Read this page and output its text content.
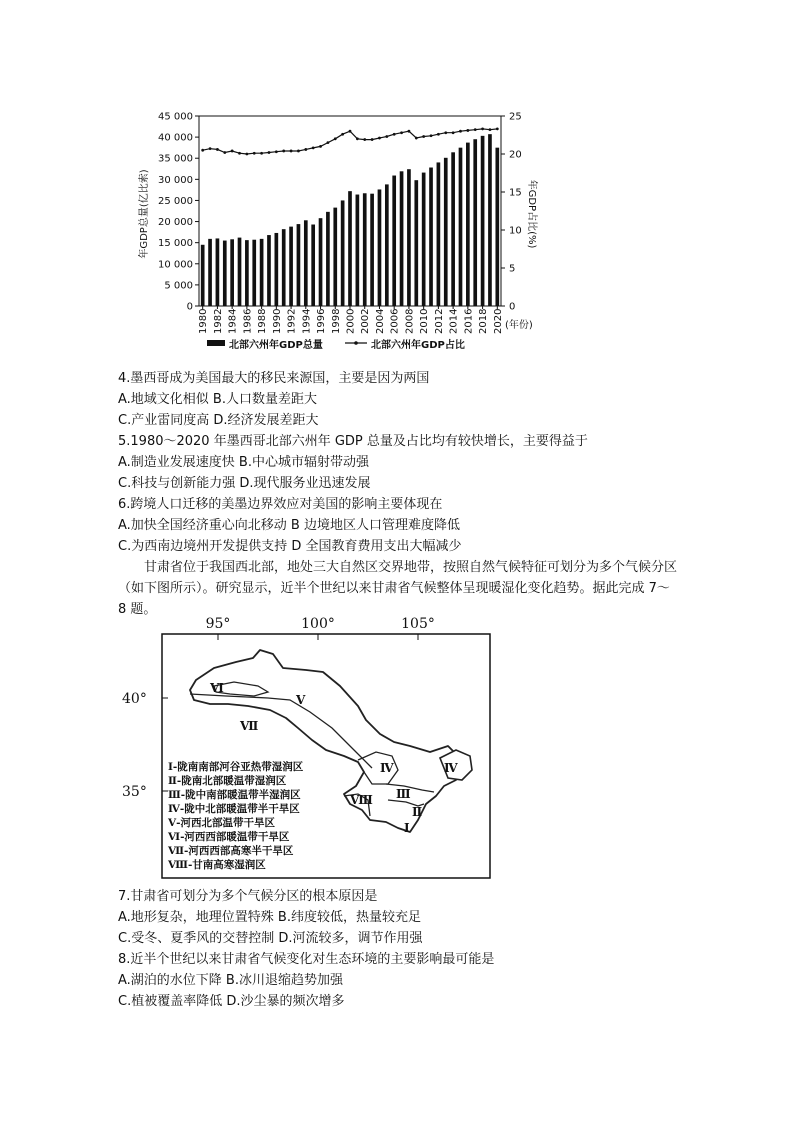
45 000
40 000
35 000
30 000
25 000
20 000
15 000
10 000
5 000
0
25
20
15
10
5
0
年GDP总量(亿比索)	年GDP占比(%)
1980 1982 1984 1986 1988 1990 1992 1994 1996 1998 2000 2002 2004 2006 2008 2010 2012 2014 2016 2018 2020 (年份)
北部六州年GDP总量	北部六州年GDP占比
4.墨西哥成为美国最大的移民来源国，主要是因为两国
A.地域文化相似 B.人口数量差距大
C.产业雷同度高 D.经济发展差距大
5.1980～2020 年墨西哥北部六州年 GDP 总量及占比均有较快增长，主要得益于
A.制造业发展速度快 B.中心城市辐射带动强
C.科技与创新能力强 D.现代服务业迅速发展
6.跨境人口迁移的美墨边界效应对美国的影响主要体现在
A.加快全国经济重心向北移动 B 边境地区人口管理难度降低
C.为西南边境州开发提供支持 D 全国教育费用支出大幅减少
甘肃省位于我国西北部，地处三大自然区交界地带，按照自然气候特征可划分为多个气候分区（如下图所示）。研究显示，近半个世纪以来甘肃省气候整体呈现暖湿化变化趋势。据此完成 7～8 题。
95°	100°	105°
40°
35°
Ⅵ
Ⅴ
Ⅶ
Ⅳ	Ⅳ
Ⅷ Ⅲ
Ⅱ
Ⅰ
Ⅰ-陇南南部河谷亚热带湿润区
Ⅱ-陇南北部暖温带湿润区
Ⅲ-陇中南部暖温带半湿润区
Ⅳ-陇中北部暖温带半干旱区
Ⅴ-河西北部温带干旱区
Ⅵ-河西西部暖温带干旱区
Ⅶ-河西西部高寒半干旱区
Ⅷ-甘南高寒湿润区
7.甘肃省可划分为多个气候分区的根本原因是
A.地形复杂，地理位置特殊 B.纬度较低，热量较充足
C.受冬、夏季风的交替控制 D.河流较多，调节作用强
8.近半个世纪以来甘肃省气候变化对生态环境的主要影响最可能是
A.湖泊的水位下降 B.冰川退缩趋势加强
C.植被覆盖率降低 D.沙尘暴的频次增多
